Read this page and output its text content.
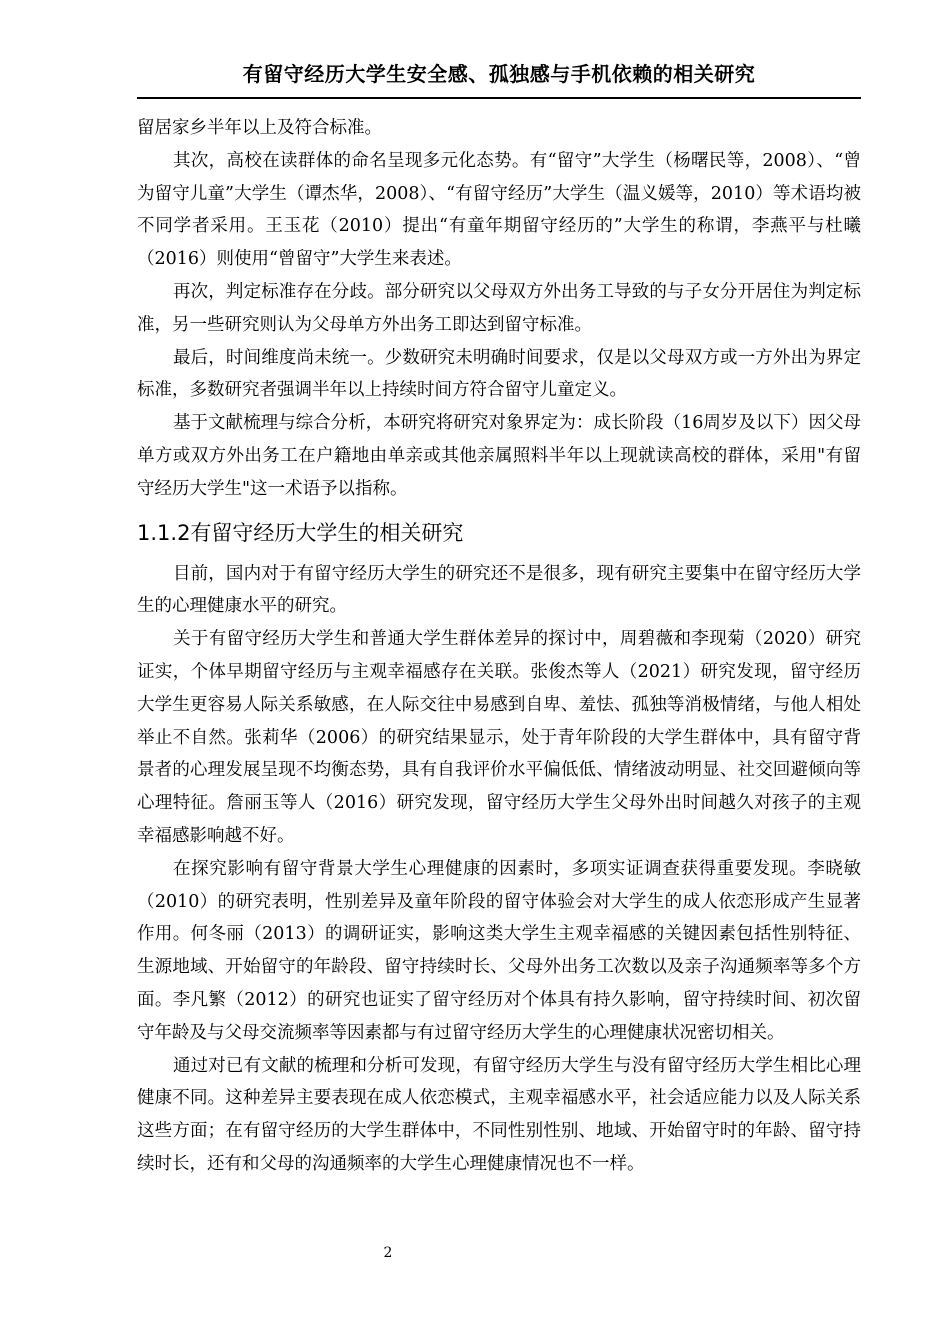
有留守经历大学生安全感、孤独感与手机依赖的相关研究

留居家乡半年以上及符合标准。

其次，高校在读群体的命名呈现多元化态势。有“留守”大学生（杨曙民等，2008）、“曾为留守儿童”大学生（谭杰华，2008）、“有留守经历”大学生（温义媛等，2010）等术语均被不同学者采用。王玉花（2010）提出“有童年期留守经历的”大学生的称谓，李燕平与杜曦（2016）则使用“曾留守”大学生来表述。

再次，判定标准存在分歧。部分研究以父母双方外出务工导致的与子女分开居住为判定标准，另一些研究则认为父母单方外出务工即达到留守标准。

最后，时间维度尚未统一。少数研究未明确时间要求，仅是以父母双方或一方外出为界定标准，多数研究者强调半年以上持续时间方符合留守儿童定义。

基于文献梳理与综合分析，本研究将研究对象界定为：成长阶段（16周岁及以下）因父母单方或双方外出务工在户籍地由单亲或其他亲属照料半年以上现就读高校的群体，采用"有留守经历大学生"这一术语予以指称。

1.1.2有留守经历大学生的相关研究

目前，国内对于有留守经历大学生的研究还不是很多，现有研究主要集中在留守经历大学生的心理健康水平的研究。

关于有留守经历大学生和普通大学生群体差异的探讨中，周碧薇和李现菊（2020）研究证实，个体早期留守经历与主观幸福感存在关联。张俊杰等人（2021）研究发现，留守经历大学生更容易人际关系敏感，在人际交往中易感到自卑、羞怯、孤独等消极情绪，与他人相处举止不自然。张莉华（2006）的研究结果显示，处于青年阶段的大学生群体中，具有留守背景者的心理发展呈现不均衡态势，具有自我评价水平偏低低、情绪波动明显、社交回避倾向等心理特征。詹丽玉等人（2016）研究发现，留守经历大学生父母外出时间越久对孩子的主观幸福感影响越不好。

在探究影响有留守背景大学生心理健康的因素时，多项实证调查获得重要发现。李晓敏（2010）的研究表明，性别差异及童年阶段的留守体验会对大学生的成人依恋形成产生显著作用。何冬丽（2013）的调研证实，影响这类大学生主观幸福感的关键因素包括性别特征、生源地域、开始留守的年龄段、留守持续时长、父母外出务工次数以及亲子沟通频率等多个方面。李凡繁（2012）的研究也证实了留守经历对个体具有持久影响，留守持续时间、初次留守年龄及与父母交流频率等因素都与有过留守经历大学生的心理健康状况密切相关。

通过对已有文献的梳理和分析可发现，有留守经历大学生与没有留守经历大学生相比心理健康不同。这种差异主要表现在成人依恋模式，主观幸福感水平，社会适应能力以及人际关系这些方面；在有留守经历的大学生群体中，不同性别性别、地域、开始留守时的年龄、留守持续时长，还有和父母的沟通频率的大学生心理健康情况也不一样。

2
